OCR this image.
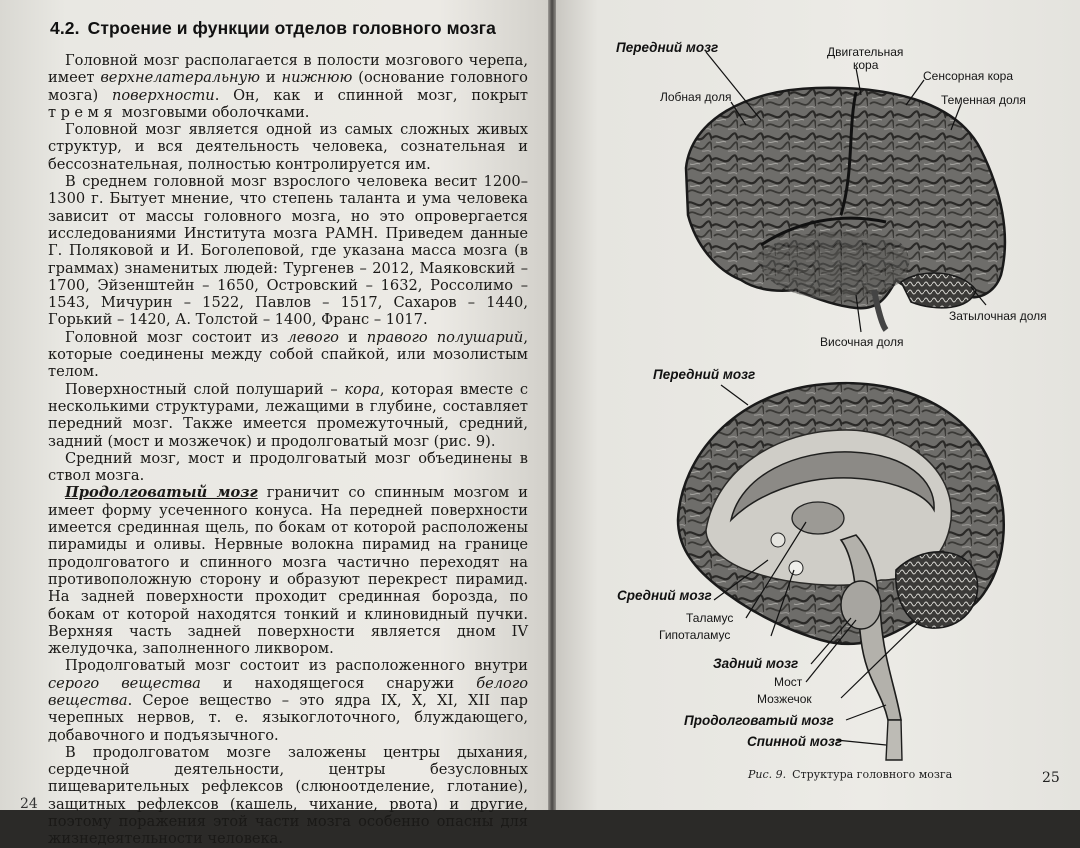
4.2. Строение и функции отделов головного мозга

Головной мозг располагается в полости мозгового черепа, имеет верхнелатеральную и нижнюю (основание головного мозга) поверхности. Он, как и спинной мозг, покрыт тремя мозговыми оболочками.

Головной мозг является одной из самых сложных живых структур, и вся деятельность человека, сознательная и бессознательная, полностью контролируется им.

В среднем головной мозг взрослого человека весит 1200–1300 г. Бытует мнение, что степень таланта и ума человека зависит от массы головного мозга, но это опровергается исследованиями Института мозга РАМН. Приведем данные Г. Поляковой и И. Боголеповой, где указана масса мозга (в граммах) знаменитых людей: Тургенев – 2012, Маяковский – 1700, Эйзенштейн – 1650, Островский – 1632, Россолимо – 1543, Мичурин – 1522, Павлов – 1517, Сахаров – 1440, Горький – 1420, А. Толстой – 1400, Франс – 1017.

Головной мозг состоит из левого и правого полушарий, которые соединены между собой спайкой, или мозолистым телом.

Поверхностный слой полушарий – кора, которая вместе с несколькими структурами, лежащими в глубине, составляет передний мозг. Также имеется промежуточный, средний, задний (мост и мозжечок) и продолговатый мозг (рис. 9).

Средний мозг, мост и продолговатый мозг объединены в ствол мозга.

Продолговатый мозг граничит со спинным мозгом и имеет форму усеченного конуса. На передней поверхности имеется срединная щель, по бокам от которой расположены пирамиды и оливы. Нервные волокна пирамид на границе продолговатого и спинного мозга частично переходят на противоположную сторону и образуют перекрест пирамид. На задней поверхности проходит срединная борозда, по бокам от которой находятся тонкий и клиновидный пучки. Верхняя часть задней поверхности является дном IV желудочка, заполненного ликвором.

Продолговатый мозг состоит из расположенного внутри серого вещества и находящегося снаружи белого вещества. Серое вещество – это ядра IX, X, XI, XII пар черепных нервов, т. е. языкоглоточного, блуждающего, добавочного и подъязычного.

В продолговатом мозге заложены центры дыхания, сердечной деятельности, центры безусловных пищеварительных рефлексов (слюноотделение, глотание), защитных рефлексов (кашель, чихание, рвота) и другие, поэтому поражения этой части мозга особенно опасны для жизнедеятельности человека.

24
Передний мозг	Двигательная
кора
Сенсорная кора
Лобная доля	Теменная доля
Затылочная доля
Височная доля
Передний мозг
Средний мозг
Таламус
Гипоталамус
Задний мозг
Мост
Мозжечок
Продолговатый мозг
Спинной мозг
Рис. 9. Структура головного мозга	25
